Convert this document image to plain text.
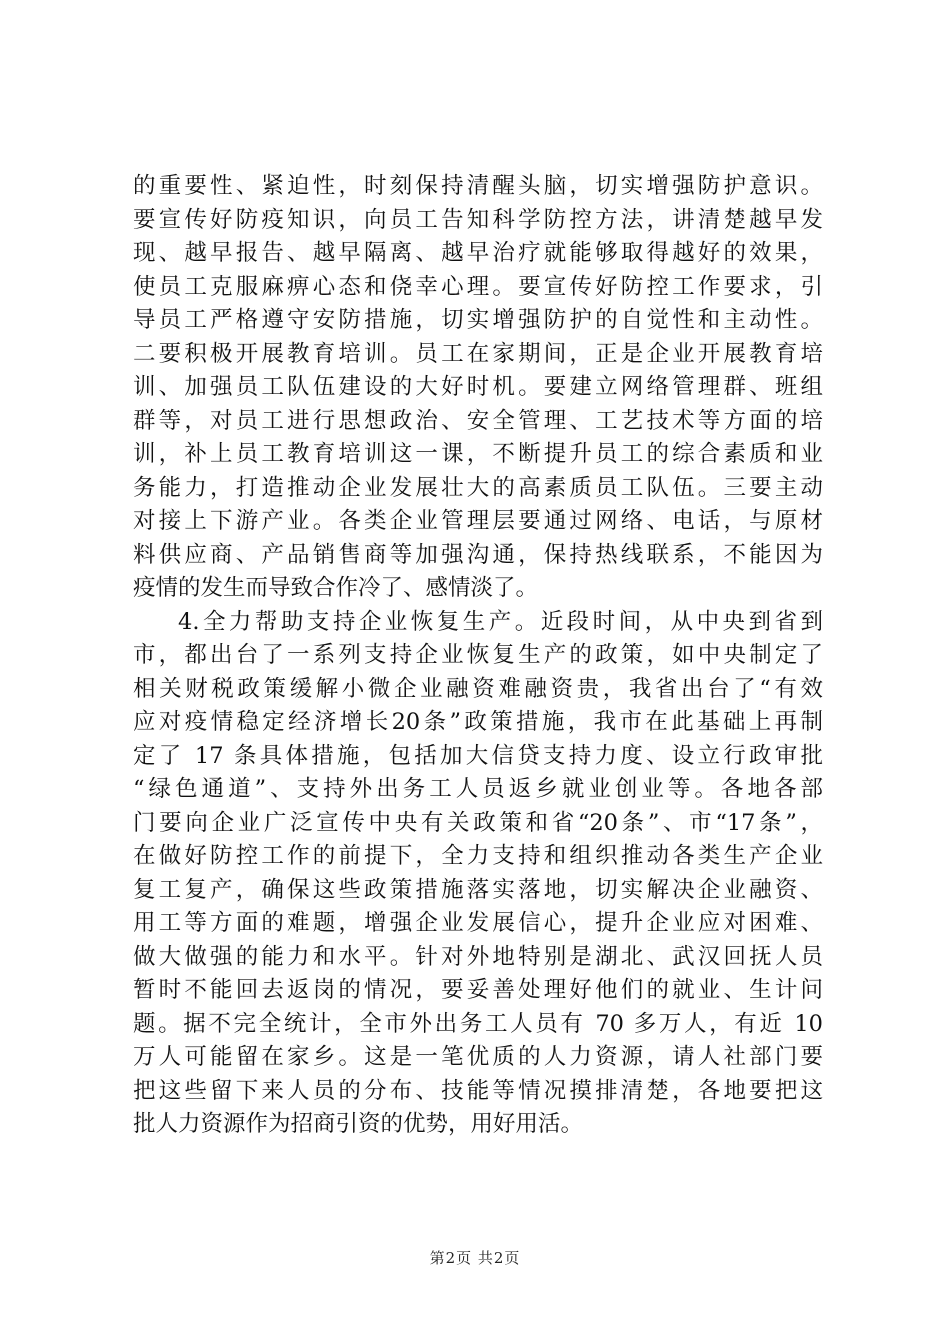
的重要性、紧迫性，时刻保持清醒头脑，切实增强防护意识。
要宣传好防疫知识，向员工告知科学防控方法，讲清楚越早发
现、越早报告、越早隔离、越早治疗就能够取得越好的效果，
使员工克服麻痹心态和侥幸心理。要宣传好防控工作要求，引
导员工严格遵守安防措施，切实增强防护的自觉性和主动性。
二要积极开展教育培训。员工在家期间，正是企业开展教育培
训、加强员工队伍建设的大好时机。要建立网络管理群、班组
群等，对员工进行思想政治、安全管理、工艺技术等方面的培
训，补上员工教育培训这一课，不断提升员工的综合素质和业
务能力，打造推动企业发展壮大的高素质员工队伍。三要主动
对接上下游产业。各类企业管理层要通过网络、电话，与原材
料供应商、产品销售商等加强沟通，保持热线联系，不能因为
疫情的发生而导致合作冷了、感情淡了。
4.全力帮助支持企业恢复生产。近段时间，从中央到省到
市，都出台了一系列支持企业恢复生产的政策，如中央制定了
相关财税政策缓解小微企业融资难融资贵，我省出台了“有效
应对疫情稳定经济增长20条”政策措施，我市在此基础上再制
定了 17 条具体措施，包括加大信贷支持力度、设立行政审批
“绿色通道”、支持外出务工人员返乡就业创业等。各地各部
门要向企业广泛宣传中央有关政策和省“20条”、市“17条”，
在做好防控工作的前提下，全力支持和组织推动各类生产企业
复工复产，确保这些政策措施落实落地，切实解决企业融资、
用工等方面的难题，增强企业发展信心，提升企业应对困难、
做大做强的能力和水平。针对外地特别是湖北、武汉回抚人员
暂时不能回去返岗的情况，要妥善处理好他们的就业、生计问
题。据不完全统计，全市外出务工人员有 70 多万人，有近 10
万人可能留在家乡。这是一笔优质的人力资源，请人社部门要
把这些留下来人员的分布、技能等情况摸排清楚，各地要把这
批人力资源作为招商引资的优势，用好用活。
第2页 共2页
